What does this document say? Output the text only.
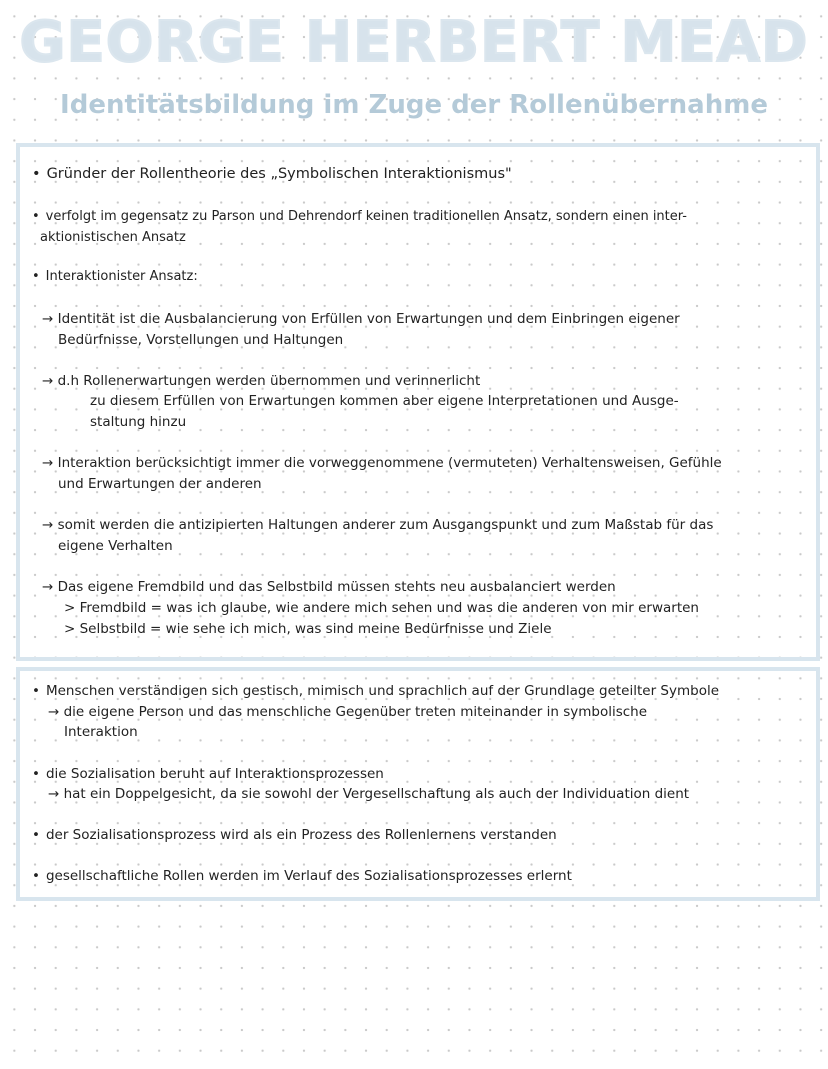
GEORGE HERBERT MEAD
Identitätsbildung im Zuge der Rollenübernahme

• Gründer der Rollentheorie des „Symbolischen Interaktionismus"

• verfolgt im gegensatz zu Parson und Dehrendorf keinen traditionellen Ansatz, sondern einen inter-

aktionistischen Ansatz

• Interaktionister Ansatz:

→ Identität ist die Ausbalancierung von Erfüllen von Erwartungen und dem Einbringen eigener

Bedürfnisse, Vorstellungen und Haltungen

→ d.h Rollenerwartungen werden übernommen und verinnerlicht

zu diesem Erfüllen von Erwartungen kommen aber eigene Interpretationen und Ausge-

staltung hinzu

→ Interaktion berücksichtigt immer die vorweggenommene (vermuteten) Verhaltensweisen, Gefühle

und Erwartungen der anderen

→ somit werden die antizipierten Haltungen anderer zum Ausgangspunkt und zum Maßstab für das

eigene Verhalten

→ Das eigene Fremdbild und das Selbstbild müssen stehts neu ausbalanciert werden

> Fremdbild = was ich glaube, wie andere mich sehen und was die anderen von mir erwarten

> Selbstbild = wie sehe ich mich, was sind meine Bedürfnisse und Ziele

• Menschen verständigen sich gestisch, mimisch und sprachlich auf der Grundlage geteilter Symbole

→ die eigene Person und das menschliche Gegenüber treten miteinander in symbolische

Interaktion

• die Sozialisation beruht auf Interaktionsprozessen

→ hat ein Doppelgesicht, da sie sowohl der Vergesellschaftung als auch der Individuation dient

• der Sozialisationsprozess wird als ein Prozess des Rollenlernens verstanden

• gesellschaftliche Rollen werden im Verlauf des Sozialisationsprozesses erlernt
